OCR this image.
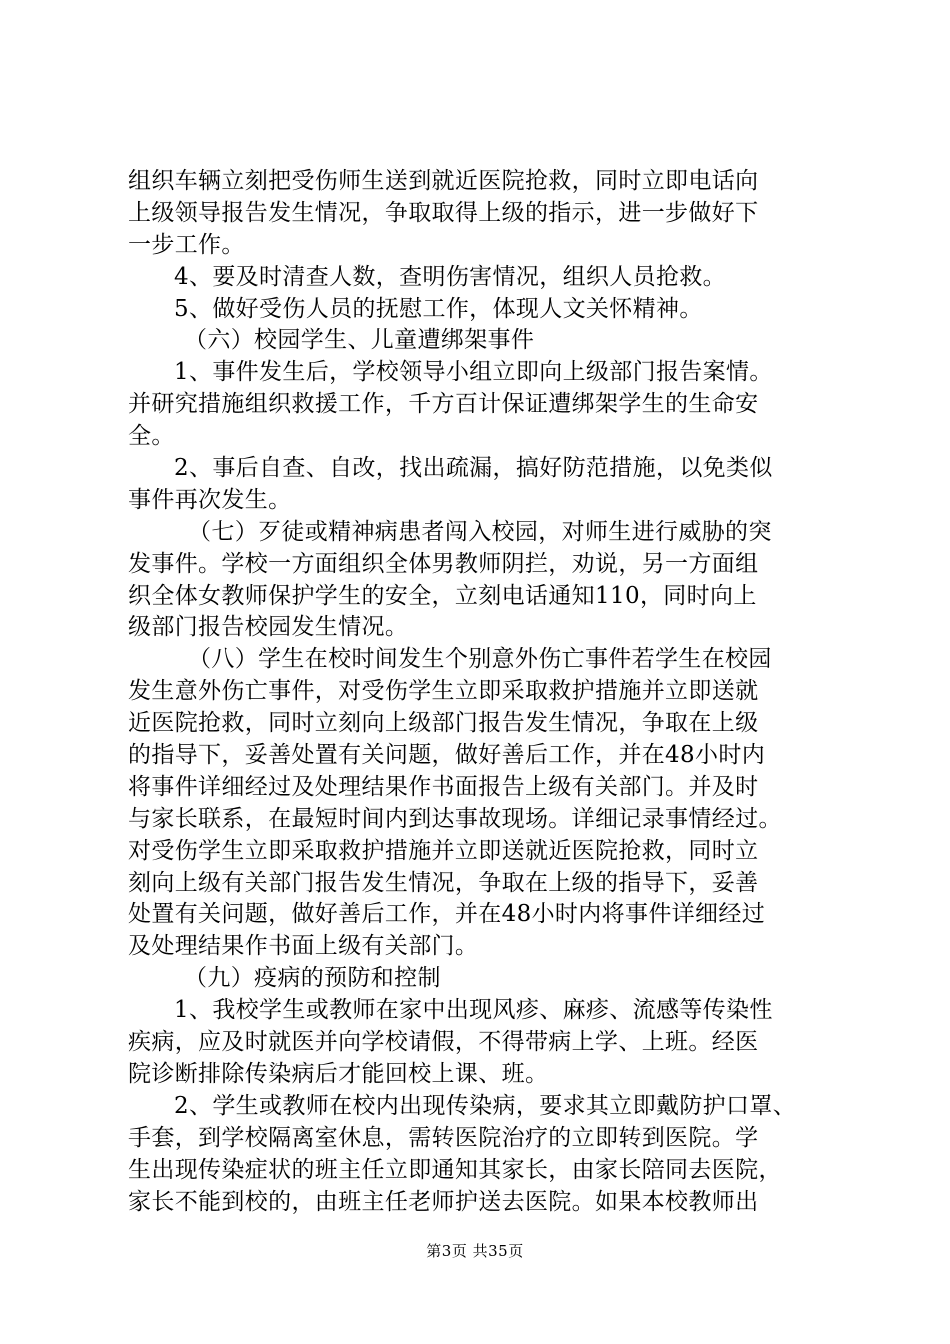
组织车辆立刻把受伤师生送到就近医院抢救，同时立即电话向
上级领导报告发生情况，争取取得上级的指示，进一步做好下
一步工作。
4、要及时清查人数，查明伤害情况，组织人员抢救。
5、做好受伤人员的抚慰工作，体现人文关怀精神。
（六）校园学生、儿童遭绑架事件
1、事件发生后，学校领导小组立即向上级部门报告案情。
并研究措施组织救援工作，千方百计保证遭绑架学生的生命安
全。
2、事后自查、自改，找出疏漏，搞好防范措施，以免类似
事件再次发生。
（七）歹徒或精神病患者闯入校园，对师生进行威胁的突
发事件。学校一方面组织全体男教师阴拦，劝说，另一方面组
织全体女教师保护学生的安全，立刻电话通知110，同时向上
级部门报告校园发生情况。
（八）学生在校时间发生个别意外伤亡事件若学生在校园
发生意外伤亡事件，对受伤学生立即采取救护措施并立即送就
近医院抢救，同时立刻向上级部门报告发生情况，争取在上级
的指导下，妥善处置有关问题，做好善后工作，并在48小时内
将事件详细经过及处理结果作书面报告上级有关部门。并及时
与家长联系，在最短时间内到达事故现场。详细记录事情经过。
对受伤学生立即采取救护措施并立即送就近医院抢救，同时立
刻向上级有关部门报告发生情况，争取在上级的指导下，妥善
处置有关问题，做好善后工作，并在48小时内将事件详细经过
及处理结果作书面上级有关部门。
（九）疫病的预防和控制
1、我校学生或教师在家中出现风疹、麻疹、流感等传染性
疾病，应及时就医并向学校请假，不得带病上学、上班。经医
院诊断排除传染病后才能回校上课、班。
2、学生或教师在校内出现传染病，要求其立即戴防护口罩、
手套，到学校隔离室休息，需转医院治疗的立即转到医院。学
生出现传染症状的班主任立即通知其家长，由家长陪同去医院，
家长不能到校的，由班主任老师护送去医院。如果本校教师出
第3页 共35页
